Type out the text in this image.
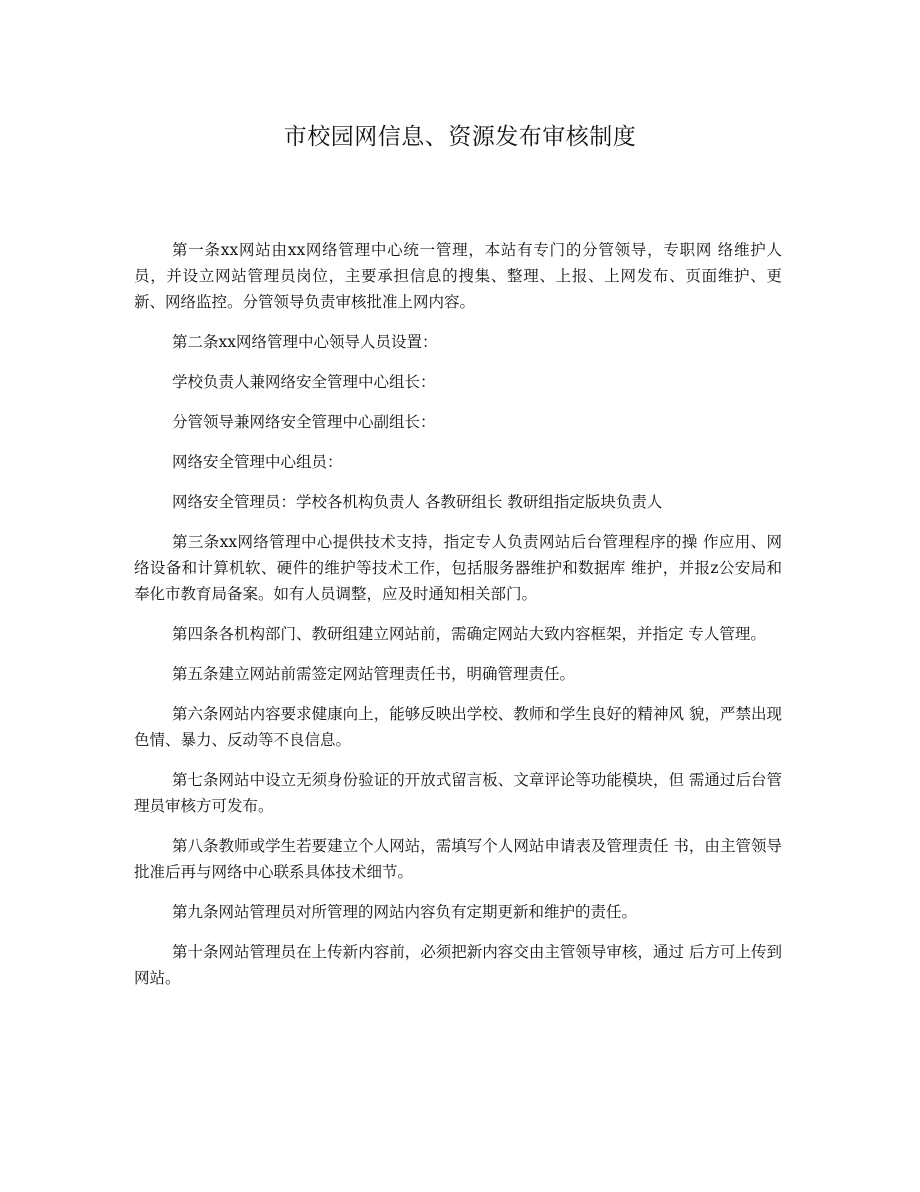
市校园网信息、资源发布审核制度

第一条xx网站由xx网络管理中心统一管理，本站有专门的分管领导，专职网 络维护人员，并设立网站管理员岗位，主要承担信息的搜集、整理、上报、上网发布、页面维护、更新、网络监控。分管领导负责审核批准上网内容。

第二条xx网络管理中心领导人员设置：

学校负责人兼网络安全管理中心组长：

分管领导兼网络安全管理中心副组长：

网络安全管理中心组员：

网络安全管理员：学校各机构负责人 各教研组长 教研组指定版块负责人

第三条xx网络管理中心提供技术支持，指定专人负责网站后台管理程序的操 作应用、网络设备和计算机软、硬件的维护等技术工作，包括服务器维护和数据库 维护，并报z公安局和奉化市教育局备案。如有人员调整，应及时通知相关部门。

第四条各机构部门、教研组建立网站前，需确定网站大致内容框架，并指定 专人管理。

第五条建立网站前需签定网站管理责任书，明确管理责任。

第六条网站内容要求健康向上，能够反映出学校、教师和学生良好的精神风 貌，严禁出现色情、暴力、反动等不良信息。

第七条网站中设立无须身份验证的开放式留言板、文章评论等功能模块，但 需通过后台管理员审核方可发布。

第八条教师或学生若要建立个人网站，需填写个人网站申请表及管理责任 书，由主管领导批准后再与网络中心联系具体技术细节。

第九条网站管理员对所管理的网站内容负有定期更新和维护的责任。

第十条网站管理员在上传新内容前，必须把新内容交由主管领导审核，通过 后方可上传到网站。
